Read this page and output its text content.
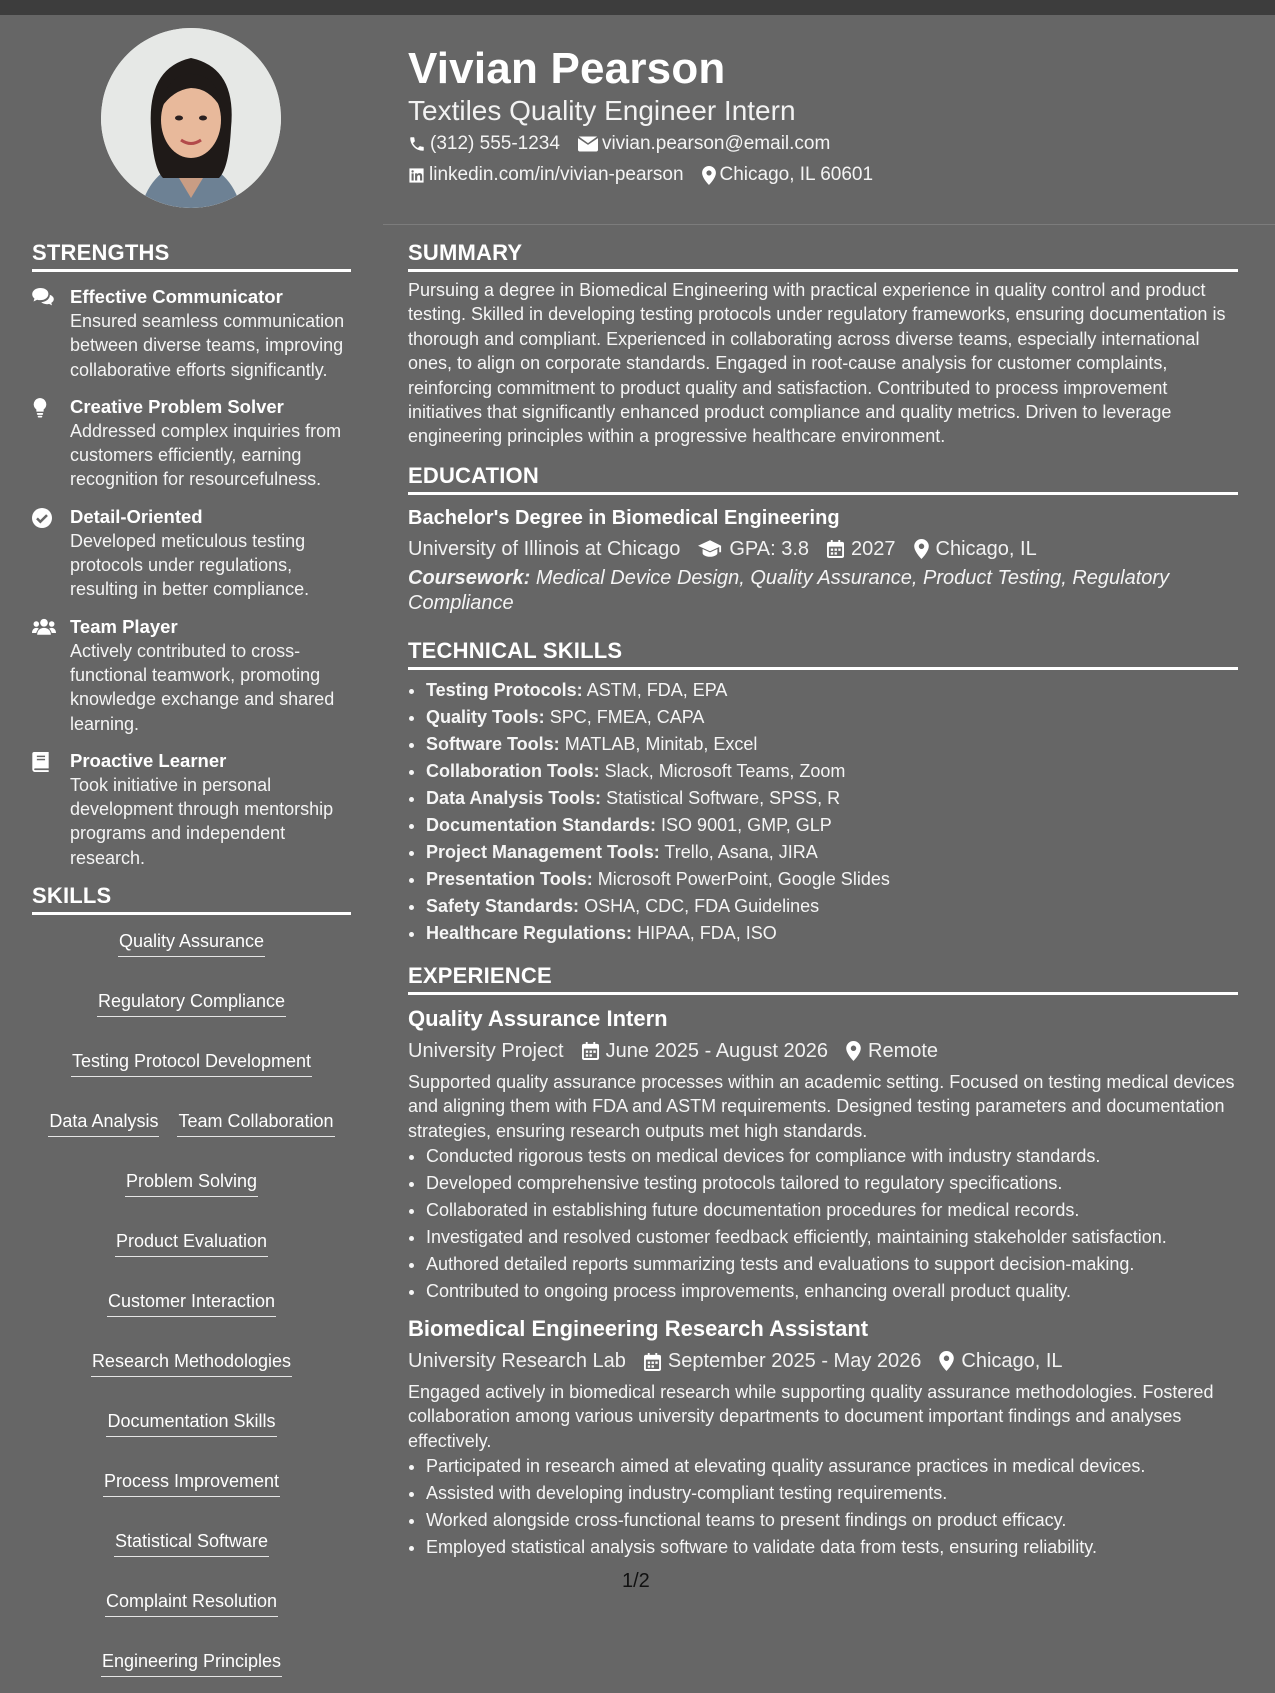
Vivian Pearson
Textiles Quality Engineer Intern
(312) 555-1234 vivian.pearson@email.com
linkedin.com/in/vivian-pearson Chicago, IL 60601
STRENGTHS
Effective Communicator
Ensured seamless communication between diverse teams, improving collaborative efforts significantly.
Creative Problem Solver
Addressed complex inquiries from customers efficiently, earning recognition for resourcefulness.
Detail-Oriented
Developed meticulous testing protocols under regulations, resulting in better compliance.
Team Player
Actively contributed to cross-functional teamwork, promoting knowledge exchange and shared learning.
Proactive Learner
Took initiative in personal development through mentorship programs and independent research.
SKILLS
Quality Assurance
Regulatory Compliance
Testing Protocol Development
Data Analysis Team Collaboration
Problem Solving
Product Evaluation
Customer Interaction
Research Methodologies
Documentation Skills
Process Improvement
Statistical Software
Complaint Resolution
Engineering Principles
SUMMARY
Pursuing a degree in Biomedical Engineering with practical experience in quality control and product testing. Skilled in developing testing protocols under regulatory frameworks, ensuring documentation is thorough and compliant. Experienced in collaborating across diverse teams, especially international ones, to align on corporate standards. Engaged in root-cause analysis for customer complaints, reinforcing commitment to product quality and satisfaction. Contributed to process improvement initiatives that significantly enhanced product compliance and quality metrics. Driven to leverage engineering principles within a progressive healthcare environment.
EDUCATION
Bachelor's Degree in Biomedical Engineering
University of Illinois at Chicago GPA: 3.8 2027 Chicago, IL
Coursework: Medical Device Design, Quality Assurance, Product Testing, Regulatory Compliance
TECHNICAL SKILLS
• Testing Protocols: ASTM, FDA, EPA
• Quality Tools: SPC, FMEA, CAPA
• Software Tools: MATLAB, Minitab, Excel
• Collaboration Tools: Slack, Microsoft Teams, Zoom
• Data Analysis Tools: Statistical Software, SPSS, R
• Documentation Standards: ISO 9001, GMP, GLP
• Project Management Tools: Trello, Asana, JIRA
• Presentation Tools: Microsoft PowerPoint, Google Slides
• Safety Standards: OSHA, CDC, FDA Guidelines
• Healthcare Regulations: HIPAA, FDA, ISO
EXPERIENCE
Quality Assurance Intern
University Project June 2025 - August 2026 Remote
Supported quality assurance processes within an academic setting. Focused on testing medical devices and aligning them with FDA and ASTM requirements. Designed testing parameters and documentation strategies, ensuring research outputs met high standards.
• Conducted rigorous tests on medical devices for compliance with industry standards.
• Developed comprehensive testing protocols tailored to regulatory specifications.
• Collaborated in establishing future documentation procedures for medical records.
• Investigated and resolved customer feedback efficiently, maintaining stakeholder satisfaction.
• Authored detailed reports summarizing tests and evaluations to support decision-making.
• Contributed to ongoing process improvements, enhancing overall product quality.
Biomedical Engineering Research Assistant
University Research Lab September 2025 - May 2026 Chicago, IL
Engaged actively in biomedical research while supporting quality assurance methodologies. Fostered collaboration among various university departments to document important findings and analyses effectively.
• Participated in research aimed at elevating quality assurance practices in medical devices.
• Assisted with developing industry-compliant testing requirements.
• Worked alongside cross-functional teams to present findings on product efficacy.
• Employed statistical analysis software to validate data from tests, ensuring reliability.
1/2
